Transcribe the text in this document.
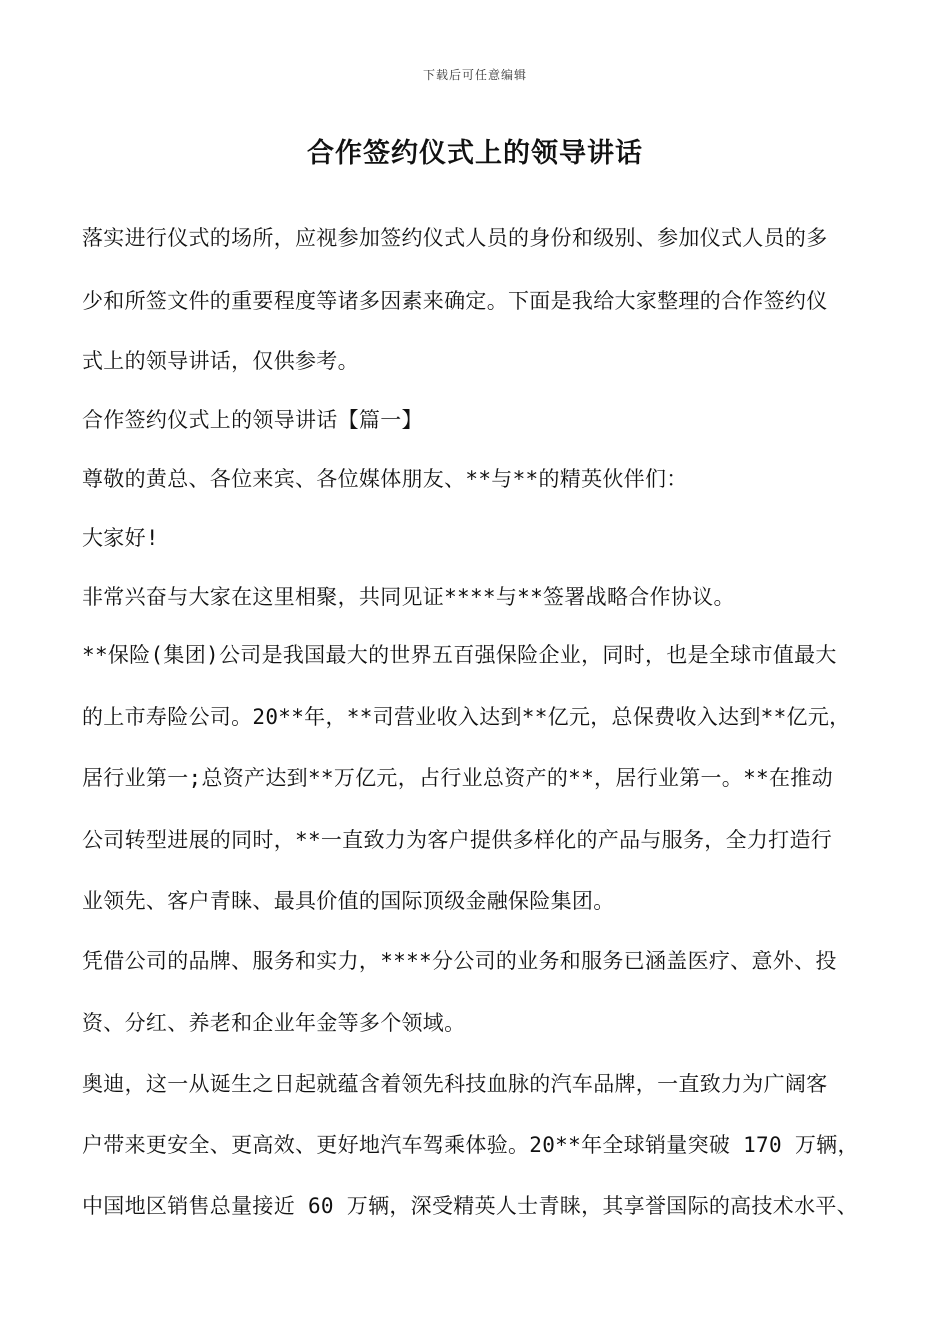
下载后可任意编辑
合作签约仪式上的领导讲话
落实进行仪式的场所，应视参加签约仪式人员的身份和级别、参加仪式人员的多
少和所签文件的重要程度等诸多因素来确定。下面是我给大家整理的合作签约仪
式上的领导讲话，仅供参考。
合作签约仪式上的领导讲话【篇一】
尊敬的黄总、各位来宾、各位媒体朋友、**与**的精英伙伴们：
大家好!
非常兴奋与大家在这里相聚，共同见证****与**签署战略合作协议。
**保险(集团)公司是我国最大的世界五百强保险企业，同时，也是全球市值最大
的上市寿险公司。20**年，**司营业收入达到**亿元，总保费收入达到**亿元，
居行业第一;总资产达到**万亿元，占行业总资产的**，居行业第一。**在推动
公司转型进展的同时，**一直致力为客户提供多样化的产品与服务，全力打造行
业领先、客户青睐、最具价值的国际顶级金融保险集团。
凭借公司的品牌、服务和实力，****分公司的业务和服务已涵盖医疗、意外、投
资、分红、养老和企业年金等多个领域。
奥迪，这一从诞生之日起就蕴含着领先科技血脉的汽车品牌，一直致力为广阔客
户带来更安全、更高效、更好地汽车驾乘体验。20**年全球销量突破 170 万辆，
中国地区销售总量接近 60 万辆，深受精英人士青睐，其享誉国际的高技术水平、
